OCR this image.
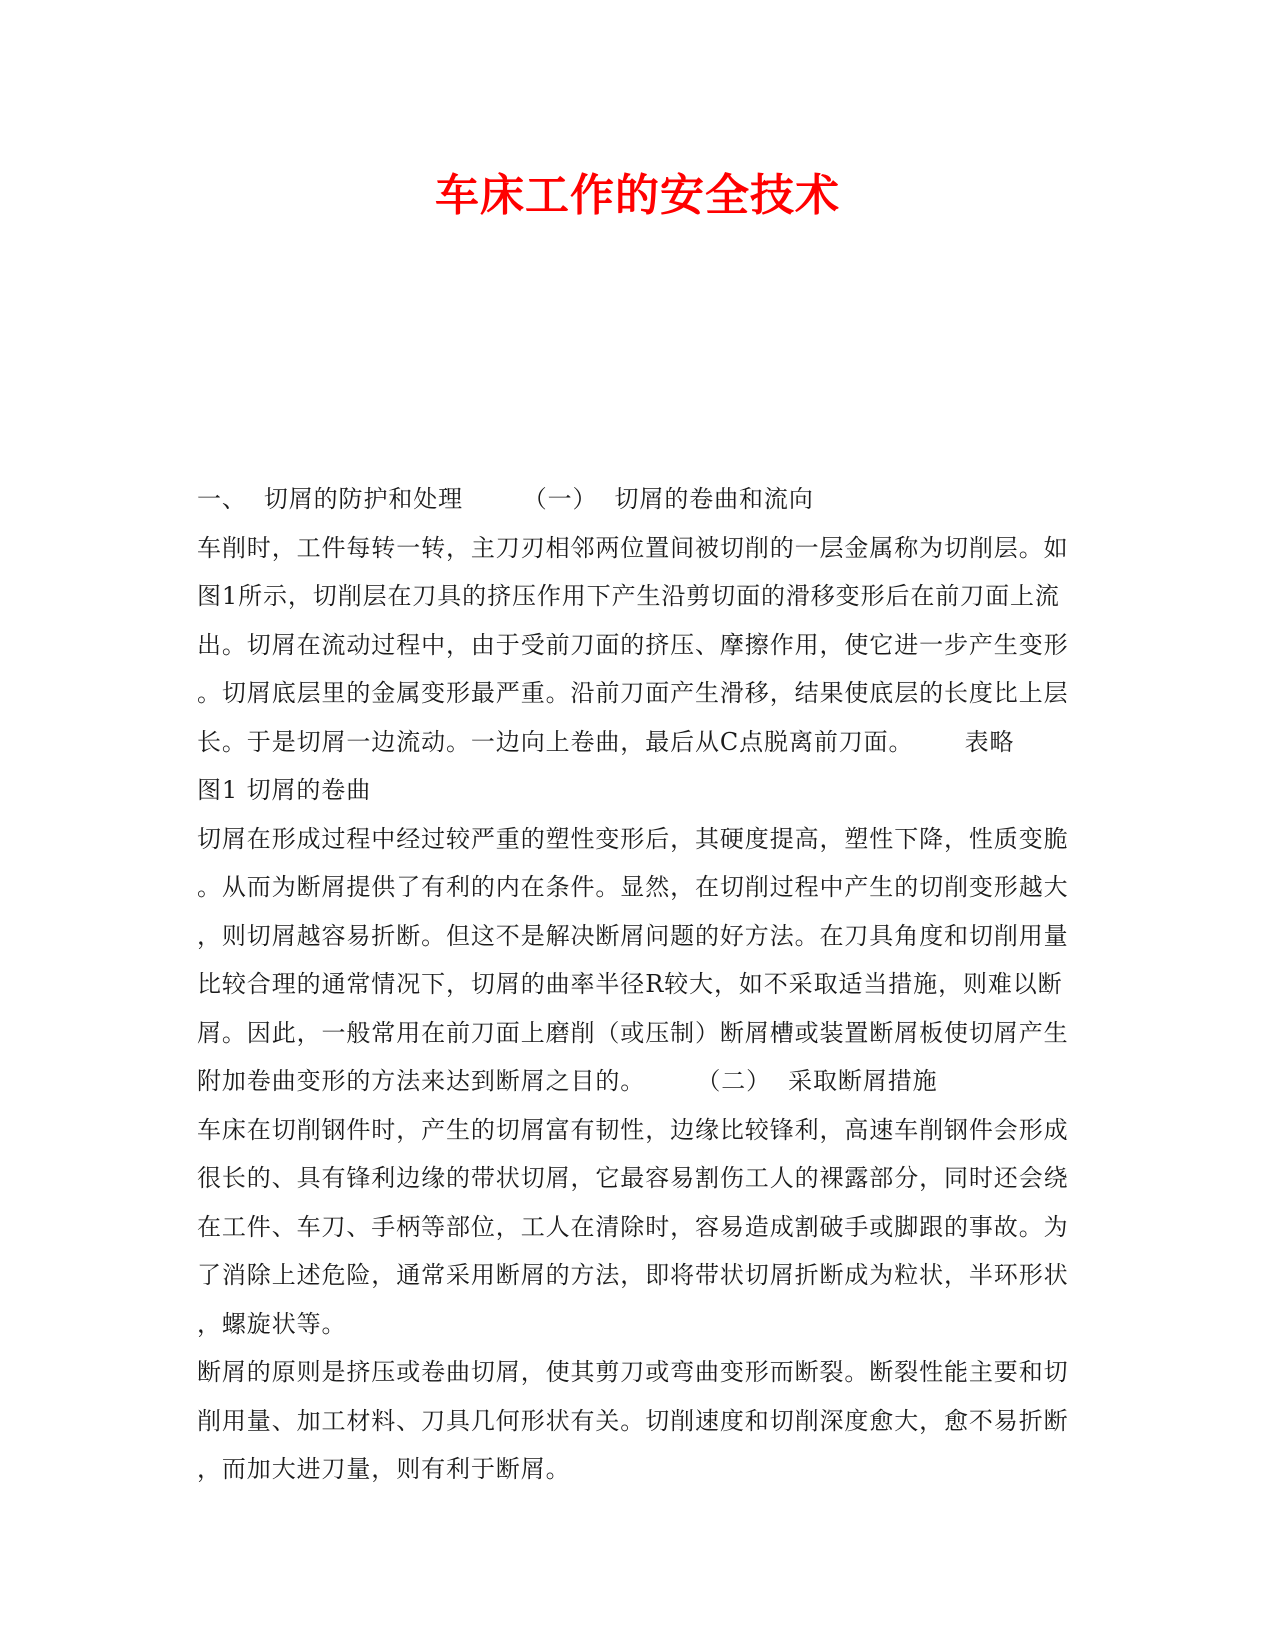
车床工作的安全技术
一、  切屑的防护和处理       （一）  切屑的卷曲和流向
车削时，工件每转一转，主刀刃相邻两位置间被切削的一层金属称为切削层。如
图1所示，切削层在刀具的挤压作用下产生沿剪切面的滑移变形后在前刀面上流
出。切屑在流动过程中，由于受前刀面的挤压、摩擦作用，使它进一步产生变形
。切屑底层里的金属变形最严重。沿前刀面产生滑移，结果使底层的长度比上层
长。于是切屑一边流动。一边向上卷曲，最后从C点脱离前刀面。      表略
图1 切屑的卷曲
切屑在形成过程中经过较严重的塑性变形后，其硬度提高，塑性下降，性质变脆
。从而为断屑提供了有利的内在条件。显然，在切削过程中产生的切削变形越大
，则切屑越容易折断。但这不是解决断屑问题的好方法。在刀具角度和切削用量
比较合理的通常情况下，切屑的曲率半径R较大，如不采取适当措施，则难以断
屑。因此，一般常用在前刀面上磨削（或压制）断屑槽或装置断屑板使切屑产生
附加卷曲变形的方法来达到断屑之目的。      （二）  采取断屑措施
车床在切削钢件时，产生的切屑富有韧性，边缘比较锋利，高速车削钢件会形成
很长的、具有锋利边缘的带状切屑，它最容易割伤工人的裸露部分，同时还会绕
在工件、车刀、手柄等部位，工人在清除时，容易造成割破手或脚跟的事故。为
了消除上述危险，通常采用断屑的方法，即将带状切屑折断成为粒状，半环形状
，螺旋状等。
断屑的原则是挤压或卷曲切屑，使其剪刀或弯曲变形而断裂。断裂性能主要和切
削用量、加工材料、刀具几何形状有关。切削速度和切削深度愈大，愈不易折断
，而加大进刀量，则有利于断屑。
